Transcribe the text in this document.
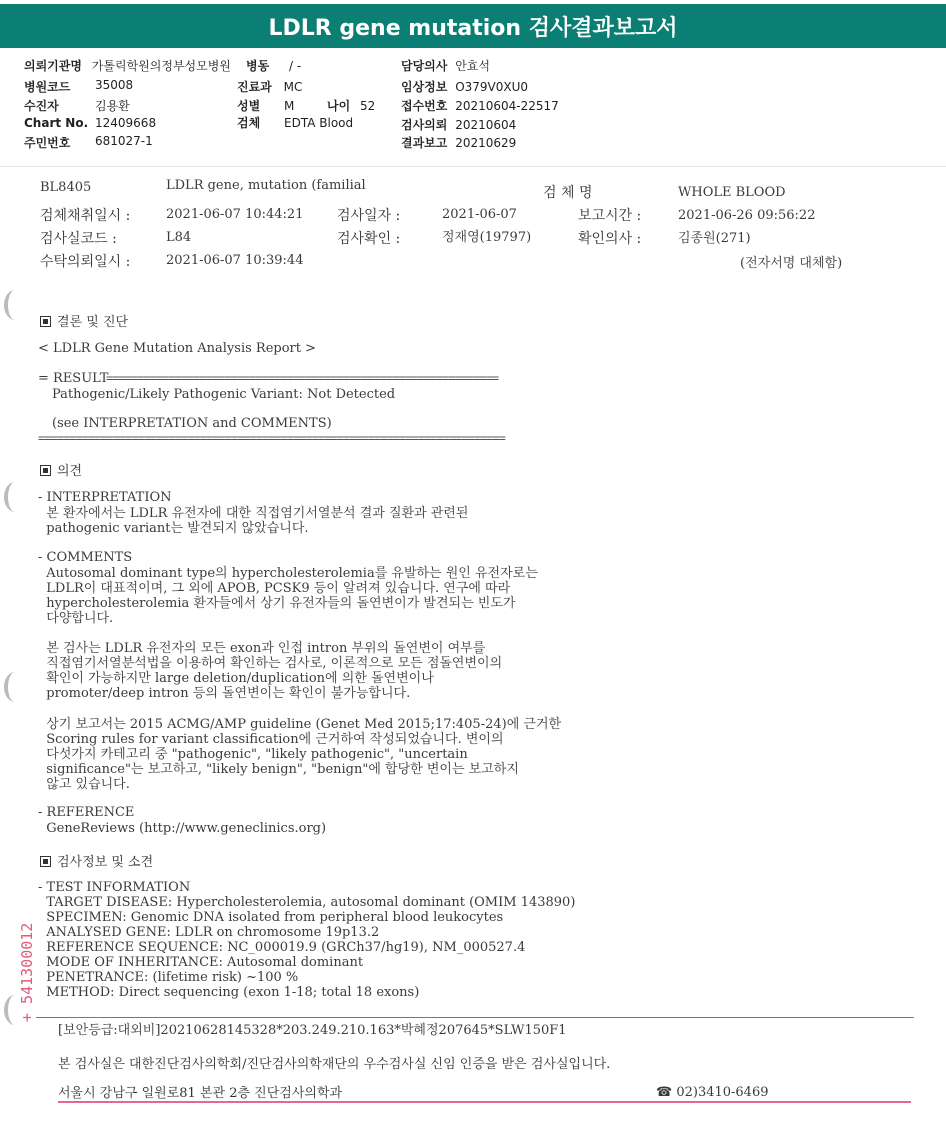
LDLR gene mutation 검사결과보고서
의뢰기관명 가톨릭학원의정부성모병원 병동 / -	담당의사 안효석
병원코드 35008	진료과 MC	임상정보 O379V0XU0
수진자	김용환	성별 M	나이 52 접수번호 20210604-22517
Chart No. 12409668	검체 EDTA Blood	검사의뢰 20210604
주민번호 681027-1	결과보고 20210629
BL8405	LDLR gene, mutation (familial	검 체 명	WHOLE BLOOD
검체채취일시 :	2021-06-07 10:44:21 검사일자 :	2021-06-07	보고시간 :	2021-06-26 09:56:22
검사실코드 :	L84	검사확인 :	정재영(19797)	확인의사 :	김종원(271)
수탁의뢰일시 :	2021-06-07 10:39:44	(전자서명 대체함)
결론 및 진단
< LDLR Gene Mutation Analysis Report >
= RESULT
===============================================================
Pathogenic/Likely Pathogenic Variant: Not Detected
(see INTERPRETATION and COMMENTS)
===========================================================================
의견
- INTERPRETATION
본 환자에서는 LDLR 유전자에 대한 직접염기서열분석 결과 질환과 관련된
pathogenic variant는 발견되지 않았습니다.
- COMMENTS
Autosomal dominant type의 hypercholesterolemia를 유발하는 원인 유전자로는
LDLR이 대표적이며, 그 외에 APOB, PCSK9 등이 알려져 있습니다. 연구에 따라
hypercholesterolemia 환자들에서 상기 유전자들의 돌연변이가 발견되는 빈도가
다양합니다.
본 검사는 LDLR 유전자의 모든 exon과 인접 intron 부위의 돌연변이 여부를
직접염기서열분석법을 이용하여 확인하는 검사로, 이론적으로 모든 점돌연변이의
확인이 가능하지만 large deletion/duplication에 의한 돌연변이나
promoter/deep intron 등의 돌연변이는 확인이 불가능합니다.
상기 보고서는 2015 ACMG/AMP guideline (Genet Med 2015;17:405-24)에 근거한
Scoring rules for variant classification에 근거하여 작성되었습니다. 변이의
다섯가지 카테고리 중 "pathogenic", "likely pathogenic", "uncertain
significance"는 보고하고, "likely benign", "benign"에 합당한 변이는 보고하지
않고 있습니다.
- REFERENCE
GeneReviews (http://www.geneclinics.org)
검사정보 및 소견
- TEST INFORMATION
TARGET DISEASE: Hypercholesterolemia, autosomal dominant (OMIM 143890)
SPECIMEN: Genomic DNA isolated from peripheral blood leukocytes
ANALYSED GENE: LDLR on chromosome 19p13.2
REFERENCE SEQUENCE: NC_000019.9 (GRCh37/hg19), NM_000527.4
MODE OF INHERITANCE: Autosomal dominant
PENETRANCE: (lifetime risk) ~100 %
METHOD: Direct sequencing (exon 1-18; total 18 exons)
+ 541300012
[보안등급:대외비]20210628145328*203.249.210.163*박혜정207645*SLW150F1
본 검사실은 대한진단검사의학회/진단검사의학재단의 우수검사실 신임 인증을 받은 검사실입니다.
서울시 강남구 일원로81 본관 2층 진단검사의학과	☎ 02)3410-6469
